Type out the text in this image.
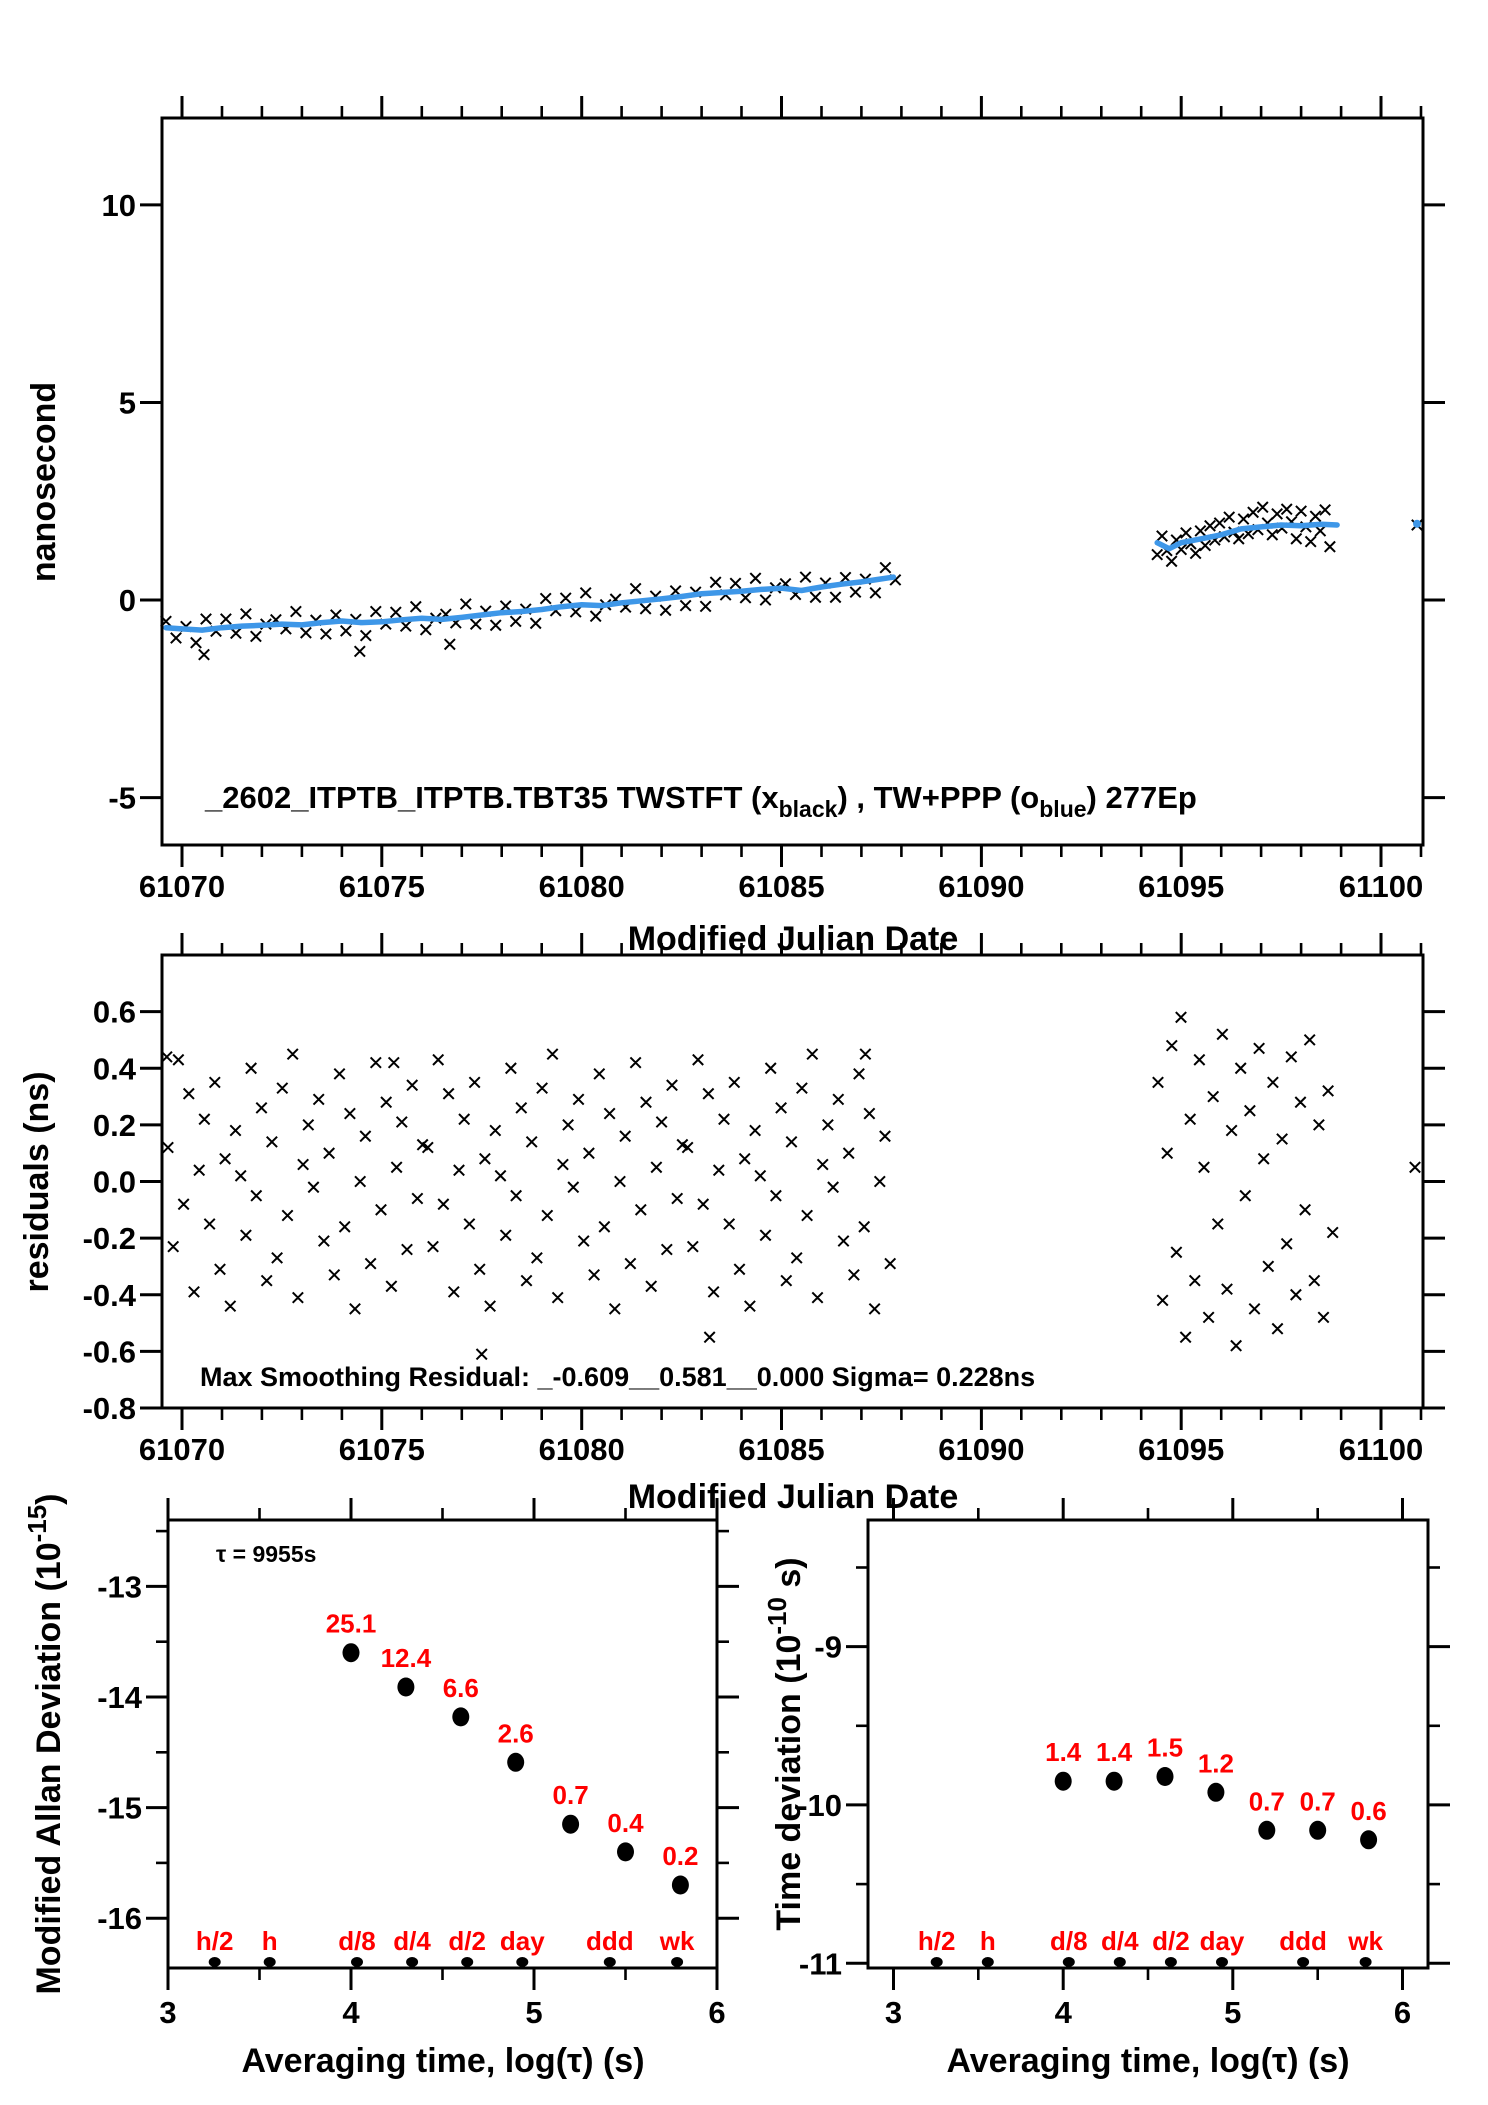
61070	61075	61080	61085	61090	61095	61100
10
5
0
-5
Modified Julian Date
nanosecond
_2602_ITPTB_ITPTB.TBT35 TWSTFT $(x_{black})$ , TW+PPP $(o_{blue})$ 277Ep
61070	61075	61080	61085	61090	61095	61100
0.6
0.4
0.2
0.0
-0.2
-0.4
-0.6
-0.8
Modified Julian Date
residuals (ns)
Max Smoothing Residual: _-0.609__0.581__0.000 Sigma= 0.228ns
25.1
12.4
6.6
2.6
0.7
0.4
0.2
h/2 h d/8 d/4 d/2 day ddd wk
3	4	5	6
-13
-14
-15
-16
Averaging time, log(τ) (s)
Modified Allan Deviation $(10^{-15})$
τ = 9955s
1.4 1.4 1.5
1.2
0.7 0.7 0.6
h/2 h d/8 d/4 d/2 day ddd wk
3	4	5	6
-9
-10
-11
Averaging time, log(τ) (s)
Time deviation ($10^{-10}$ s)
